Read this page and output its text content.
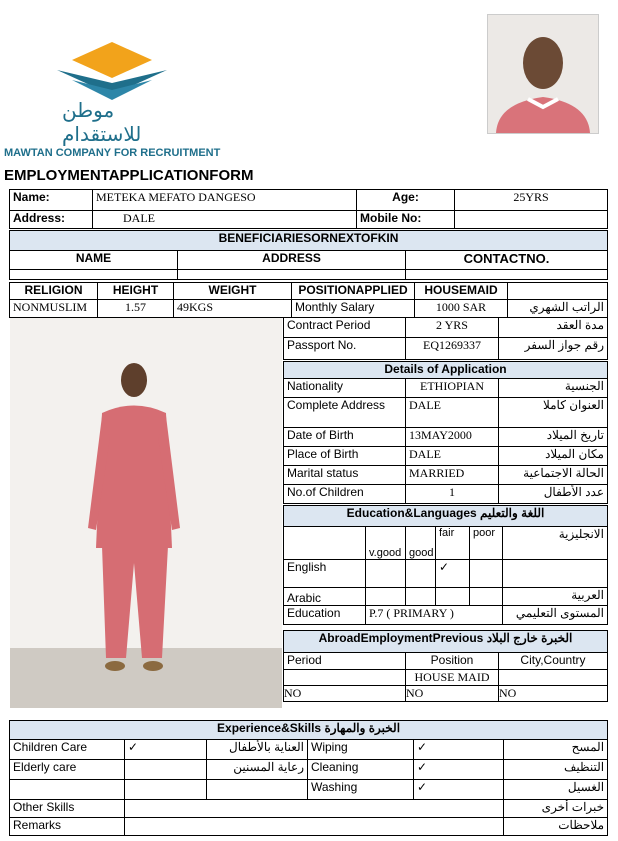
موطن للاستقدام
MAWTAN COMPANY FOR RECRUITMENT
EMPLOYMENTAPPLICATIONFORM
Name:	METEKA MEFATO DANGESO	Age:	25YRS
Address:	DALE	Mobile No:	
BENEFICIARIESORNEXTOFKIN		
NAME	ADDRESS	CONTACTNO.

RELIGION	HEIGHT	WEIGHT	POSITIONAPPLIED	HOUSEMAID	
NONMUSLIM	1.57	49KGS	Monthly Salary	1000 SAR	الراتب الشهري
Contract Period	2 YRS	مدة العقد
Passport No.	EQ1269337	رقم جواز السفر
Details of Application		
Nationality	ETHIOPIAN	الجنسية
Complete Address	DALE	العنوان كاملا
Date of Birth	13MAY2000	تاريخ الميلاد
Place of Birth	DALE	مكان الميلاد
Marital status	MARRIED	الحالة الاجتماعية
No.of Children	1	عدد الأطفال
Education&Languages اللغة والتعليم					
	v.good	good	fair	poor	الانجليزية
English			✓		
Arabic					العربية
Education	P.7 ( PRIMARY )				المستوى التعليمي
AbroadEmploymentPrevious الخبرة خارج البلاد		
Period	Position	City,Country
	HOUSE MAID	
NO	NO	NO
Experience&Skills الخبرة والمهارة					
Children Care	✓	العناية بالأطفال	Wiping	✓	المسح
Elderly care		رعاية المسنين	Cleaning	✓	التنظيف
			Washing	✓	الغسيل
Other Skills					خبرات أخرى
Remarks					ملاحظات
